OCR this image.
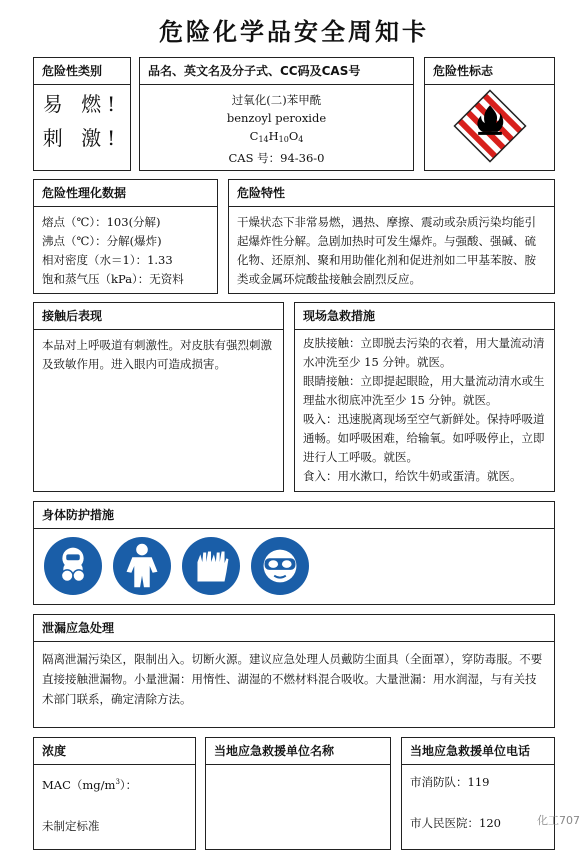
危险化学品安全周知卡
危险性类别
易 燃!
刺 激!
品名、英文名及分子式、CC码及CAS号
过氧化(二)苯甲酰
benzoyl peroxide
$C_{14}H_{10}O_4$
CAS 号：94-36-0
危险性标志
危险性理化数据
熔点（℃）：103(分解)
沸点（℃）：分解(爆炸)
相对密度（水＝1）：1.33
饱和蒸气压（kPa）：无资料
危险特性
干燥状态下非常易燃，遇热、摩擦、震动或杂质污染均能引起爆炸性分解。急剧加热时可发生爆炸。与强酸、强碱、硫化物、还原剂、聚和用助催化剂和促进剂如二甲基苯胺、胺类或金属环烷酸盐接触会剧烈反应。
接触后表现
本品对上呼吸道有刺激性。对皮肤有强烈刺激及致敏作用。进入眼内可造成损害。
现场急救措施
皮肤接触：立即脱去污染的衣着，用大量流动清水冲洗至少 15 分钟。就医。
眼睛接触：立即提起眼睑，用大量流动清水或生理盐水彻底冲洗至少 15 分钟。就医。
吸入：迅速脱离现场至空气新鲜处。保持呼吸道通畅。如呼吸困难，给输氧。如呼吸停止，立即进行人工呼吸。就医。
食入：用水漱口，给饮牛奶或蛋清。就医。
身体防护措施

泄漏应急处理
隔离泄漏污染区，限制出入。切断火源。建议应急处理人员戴防尘面具（全面罩），穿防毒服。不要直接接触泄漏物。小量泄漏：用惰性、湖湿的不燃材料混合吸收。大量泄漏：用水润湿，与有关技术部门联系，确定清除方法。
浓度
$MAC(mg/m^3)$：
未制定标准
当地应急救援单位名称	当地应急救援单位电话
市消防队：119
市人民医院：120	化工707
